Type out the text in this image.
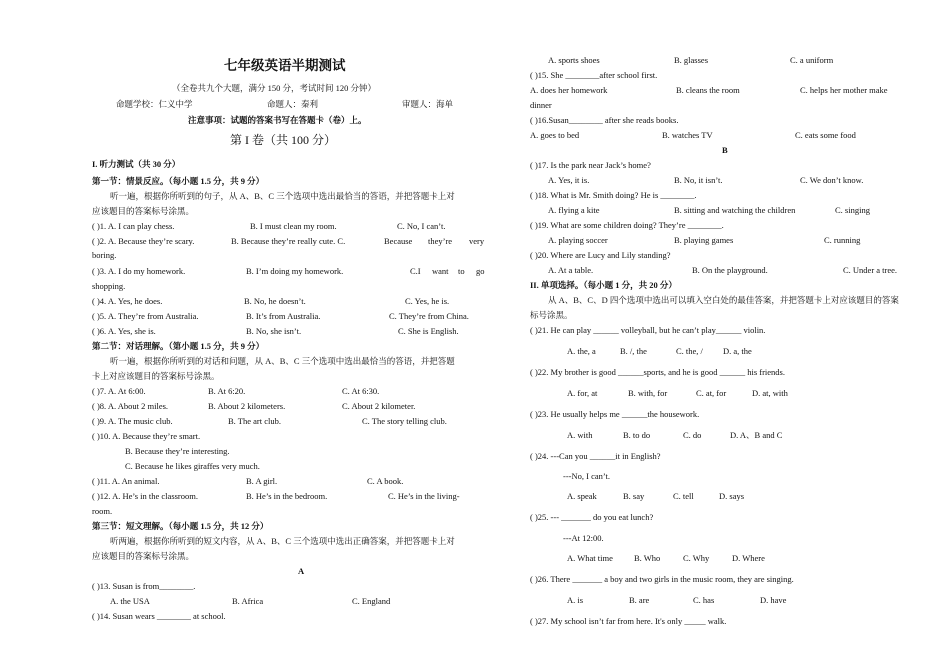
七年级英语半期测试
（全卷共九个大题，满分 150 分，考试时间 120 分钟）
命题学校：仁义中学	命题人：秦利	审题人：海单
注意事项：试题的答案书写在答题卡（卷）上。
第 I 卷（共 100 分）
I. 听力测试（共 30 分）
第一节：情景反应。（每小题 1.5 分，共 9 分）
听一遍，根据你所听到的句子，从 A、B、C 三个选项中选出最恰当的答语，并把答题卡上对
应该题目的答案标号涂黑。
( )1. A. I can play chess.	B. I must clean my room.	C. No, I can’t.
( )2. A. Because they’re scary.	B. Because they’re really cute. C.	Because they’re very
boring.
( )3. A. I do my homework.	B. I’m doing my homework.	C.I want to go
shopping.
( )4. A. Yes, he does.	B. No, he doesn’t.	C. Yes, he is.
( )5. A. They’re from Australia.	B. It’s from Australia.	C. They’re from China.
( )6. A. Yes, she is.	B. No, she isn’t.	C. She is English.
第二节：对话理解。（第小题 1.5 分，共 9 分）
听一遍，根据你所听到的对话和问题，从 A、B、C 三个选项中选出最恰当的答语，并把答题
卡上对应该题目的答案标号涂黑。
( )7. A. At 6:00.	B. At 6:20.	C. At 6:30.
( )8. A. About 2 miles.	B. About 2 kilometers.	C. About 2 kilometer.
( )9. A. The music club.	B. The art club.	C. The story telling club.
( )10. A. Because they’re smart.
B. Because they’re interesting.
C. Because he likes giraffes very much.
( )11. A. An animal.	B. A girl.	C. A book.
( )12. A. He’s in the classroom.	B. He’s in the bedroom.	C. He’s in the living-
room.
第三节：短文理解。（每小题 1.5 分，共 12 分）
听两遍，根据你所听到的短文内容，从 A、B、C 三个选项中选出正确答案，并把答题卡上对
应该题目的答案标号涂黑。
A
( )13. Susan is from________.
A. the USA	B. Africa	C. England
( )14. Susan wears ________ at school.
A. sports shoes	B. glasses	C. a uniform
( )15. She ________after school first.
A. does her homework	B. cleans the room	C. helps her mother make
dinner
( )16.Susan________ after she reads books.
A. goes to bed	B. watches TV	C. eats some food
B
( )17. Is the park near Jack’s home?
A. Yes, it is.	B. No, it isn’t.	C. We don’t know.
( )18. What is Mr. Smith doing? He is ________.
A. flying a kite	B. sitting and watching the children	C. singing
( )19. What are some children doing? They’re ________.
A. playing soccer	B. playing games	C. running
( )20. Where are Lucy and Lily standing?
A. At a table.	B. On the playground.	C. Under a tree.
II. 单项选择。（每小题 1 分，共 20 分）
从 A、B、C、D 四个选项中选出可以填入空白处的最佳答案，并把答题卡上对应该题目的答案
标号涂黑。
( )21. He can play ______ volleyball, but he can’t play______ violin.
A. the, a	B. /, the	C. the, / D. a, the
( )22. My brother is good ______sports, and he is good ______ his friends.
A. for, at	B. with, for	C. at, for	D. at, with
( )23. He usually helps me ______the housework.
A. with	B. to do	C. do	D. A、B and C
( )24. ---Can you ______it in English?
---No, I can’t.
A. speak	B. say	C. tell	D. says
( )25. --- _______ do you eat lunch?
---At 12:00.
A. What time B. Who	C. Why	D. Where
( )26. There _______ a boy and two girls in the music room, they are singing.
A. is	B. are	C. has	D. have
( )27. My school isn’t far from here. It's only _____ walk.
